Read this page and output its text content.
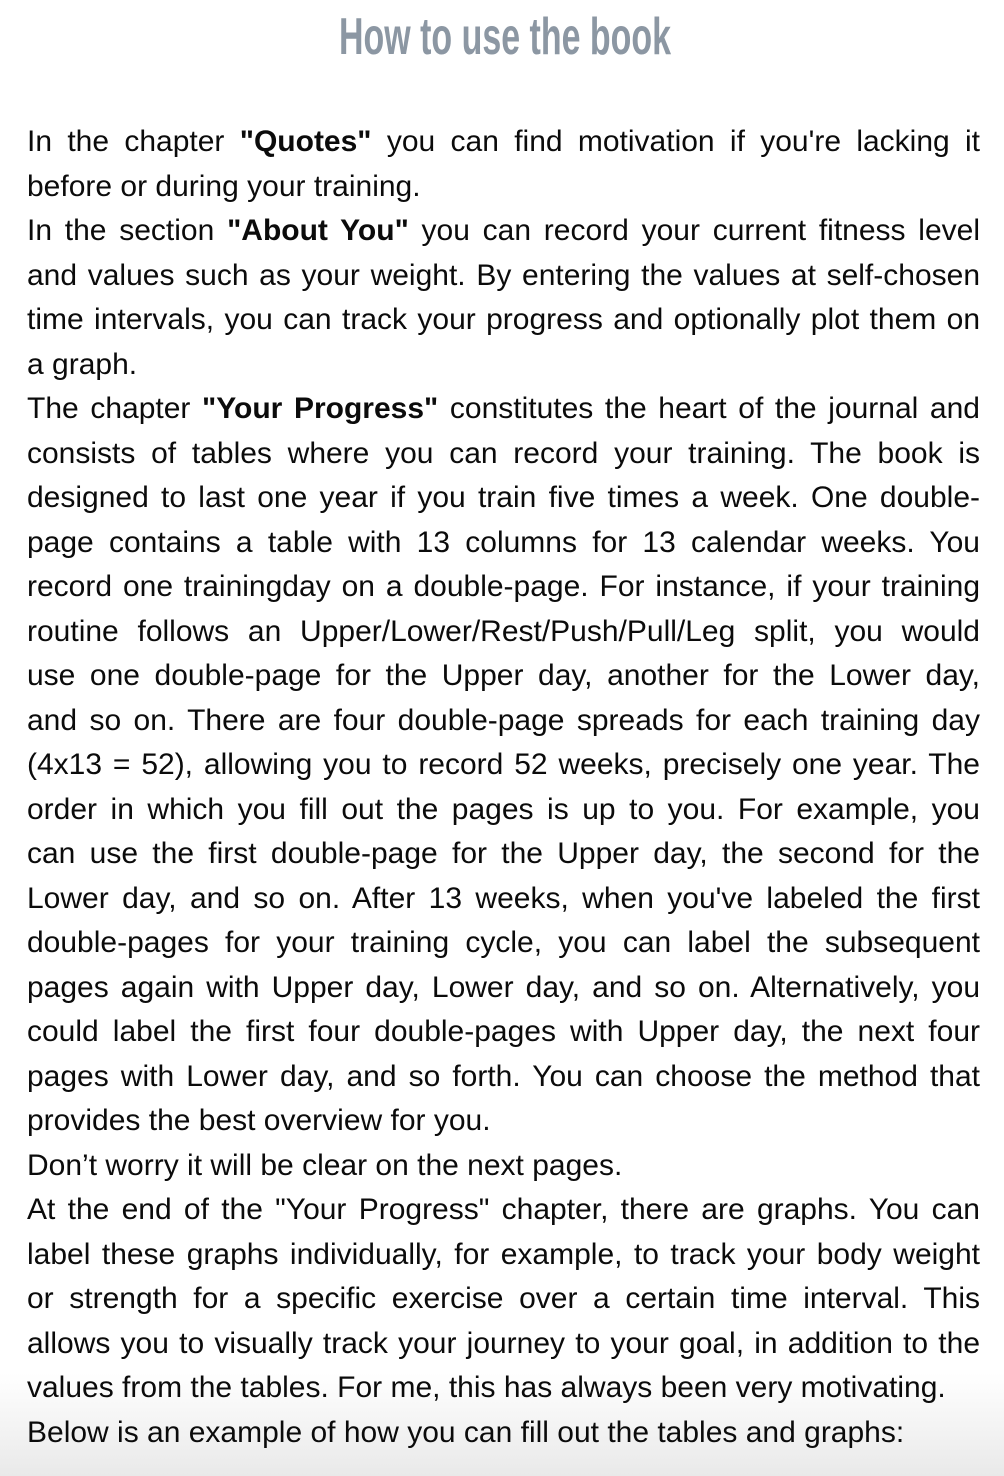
How to use the book
In the chapter "Quotes" you can find motivation if you're lacking it
before or during your training.
In the section "About You" you can record your current fitness level
and values such as your weight. By entering the values at self-chosen
time intervals, you can track your progress and optionally plot them on
a graph.
The chapter "Your Progress" constitutes the heart of the journal and
consists of tables where you can record your training. The book is
designed to last one year if you train five times a week. One double-
page contains a table with 13 columns for 13 calendar weeks. You
record one trainingday on a double-page. For instance, if your training
routine follows an Upper/Lower/Rest/Push/Pull/Leg split, you would
use one double-page for the Upper day, another for the Lower day,
and so on. There are four double-page spreads for each training day
(4x13 = 52), allowing you to record 52 weeks, precisely one year. The
order in which you fill out the pages is up to you. For example, you
can use the first double-page for the Upper day, the second for the
Lower day, and so on. After 13 weeks, when you've labeled the first
double-pages for your training cycle, you can label the subsequent
pages again with Upper day, Lower day, and so on. Alternatively, you
could label the first four double-pages with Upper day, the next four
pages with Lower day, and so forth. You can choose the method that
provides the best overview for you.
Don’t worry it will be clear on the next pages.
At the end of the "Your Progress" chapter, there are graphs. You can
label these graphs individually, for example, to track your body weight
or strength for a specific exercise over a certain time interval. This
allows you to visually track your journey to your goal, in addition to the
values from the tables. For me, this has always been very motivating.
Below is an example of how you can fill out the tables and graphs:
